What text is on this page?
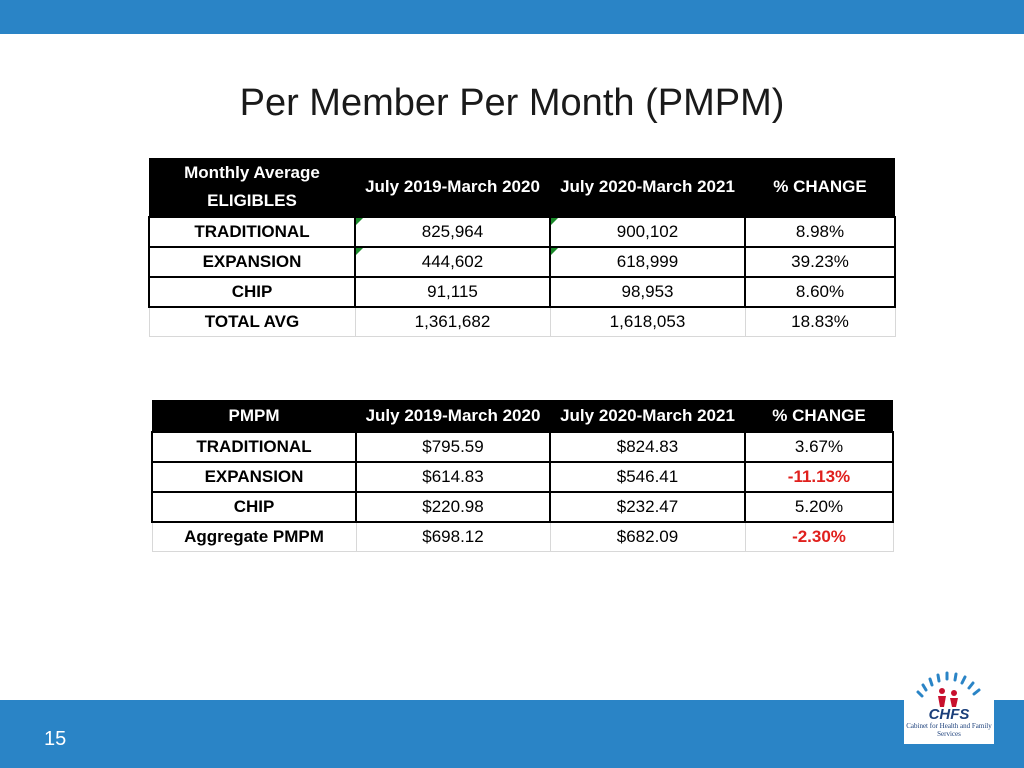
Per Member Per Month (PMPM)
Monthly Average
ELIGIBLES	July 2019-March 2020	July 2020-March 2021	% CHANGE
TRADITIONAL	825,964	900,102	8.98%
EXPANSION	444,602	618,999	39.23%
CHIP	91,115	98,953	8.60%
TOTAL AVG	1,361,682	1,618,053	18.83%
PMPM	July 2019-March 2020	July 2020-March 2021	% CHANGE
TRADITIONAL	$795.59	$824.83	3.67%
EXPANSION	$614.83	$546.41	-11.13%
CHIP	$220.98	$232.47	5.20%
Aggregate PMPM	$698.12	$682.09	-2.30%
15
CHFS
Cabinet for Health and Family Services
